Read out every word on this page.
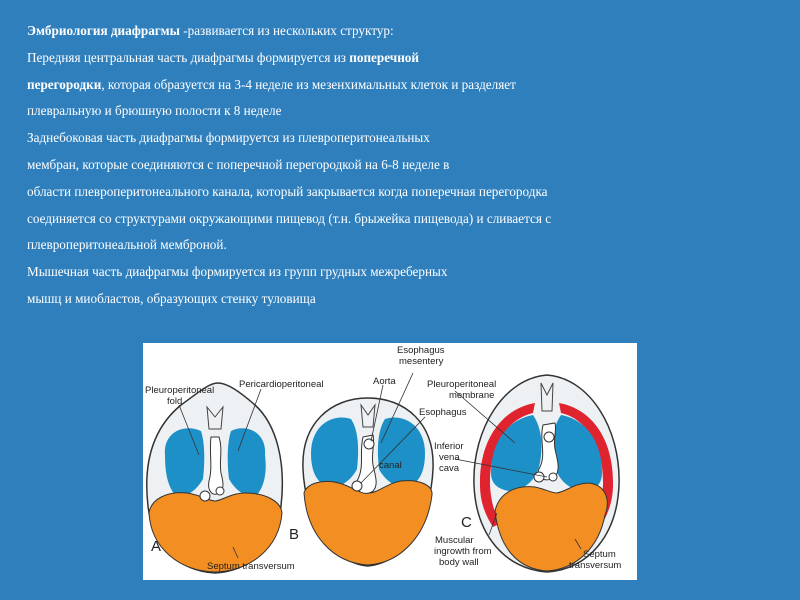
Эмбриология диафрагмы -развивается из нескольких структур:
Передняя центральная часть диафрагмы формируется из поперечной
перегородки, которая образуется на 3-4 неделе из мезенхимальных клеток и разделяет
плевральную и брюшную полости к 8 неделе
Заднебоковая часть диафрагмы формируется из плевроперитонеальных
мембран, которые соединяются с поперечной перегородкой на 6-8 неделе в
области плевроперитонеального канала, который закрывается когда поперечная перегородка
соединяется со структурами окружающими пищевод (т.н. брыжейка пищевода) и сливается с
плевроперитонеальной мемброной.
Мышечная часть диафрагмы формируется из групп грудных межреберных
мышц и миобластов, образующих стенку туловища
Pleuroperitoneal
fold
Pericardioperitoneal
canal
Esophagus
mesentery
Aorta
Esophagus
Pleuroperitoneal
membrane
Inferior
vena
cava
Septum transversum
Muscular
ingrowth from
body wall
Septum
transversum
A
B
C
